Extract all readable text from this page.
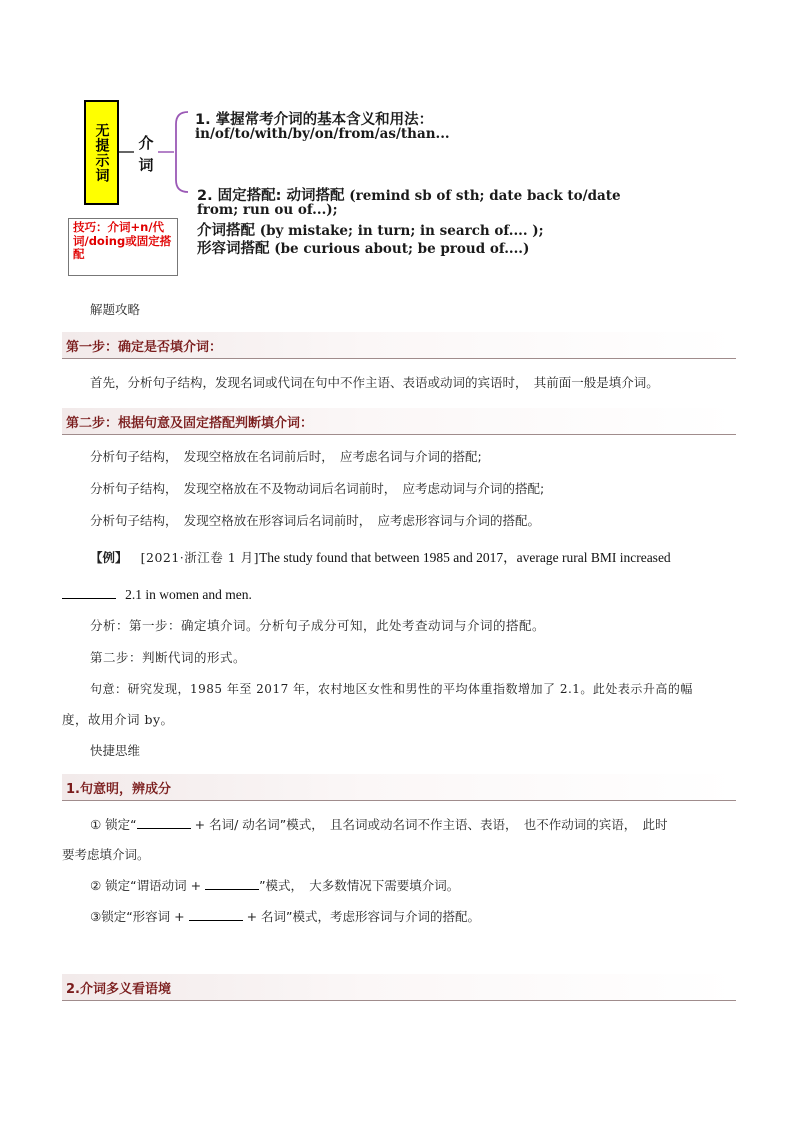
无提示词 介词
1. 掌握常考介词的基本含义和用法：
in/of/to/with/by/on/from/as/than...
2. 固定搭配: 动词搭配 (remind sb of sth; date back to/date
from; run ou of...);
介词搭配 (by mistake; in turn; in search of.... );
形容词搭配 (be curious about; be proud of....)
技巧：介词+n/代词/doing或固定搭配
解题攻略
第一步：确定是否填介词：
首先，分析句子结构，发现名词或代词在句中不作主语、表语或动词的宾语时，　其前面一般是填介词。
第二步：根据句意及固定搭配判断填介词：
分析句子结构，　发现空格放在名词前后时，　应考虑名词与介词的搭配;
分析句子结构，　发现空格放在不及物动词后名词前时，　应考虑动词与介词的搭配;
分析句子结构，　发现空格放在形容词后名词前时，　应考虑形容词与介词的搭配。
【例】 [2021·浙江卷 1 月]The study found that between 1985 and 2017，average rural BMI increased
2.1 in women and men.
分析：第一步：确定填介词。分析句子成分可知，此处考查动词与介词的搭配。
第二步：判断代词的形式。
句意：研究发现，1985 年至 2017 年，农村地区女性和男性的平均体重指数增加了 2.1。此处表示升高的幅
度，故用介词 by。
快捷思维
1.句意明，辨成分
① 锁定“	+ 名词/ 动名词”模式，　且名词或动名词不作主语、表语，　也不作动词的宾语，　此时
要考虑填介词。
② 锁定“谓语动词 +	”模式，　大多数情况下需要填介词。
③锁定“形容词 +	+ 名词”模式，考虑形容词与介词的搭配。
2.介词多义看语境
